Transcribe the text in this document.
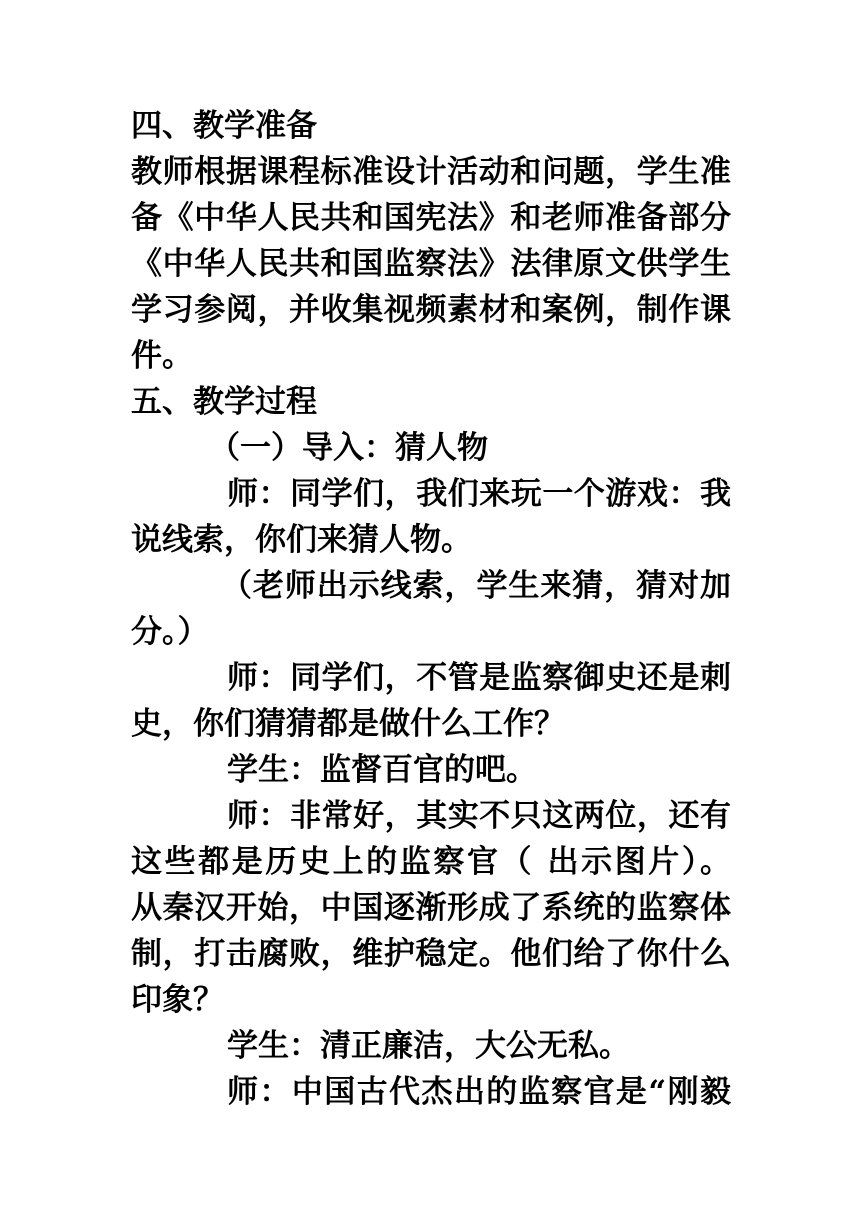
四、教学准备
教师根据课程标准设计活动和问题，学生准
备《中华人民共和国宪法》和老师准备部分
《中华人民共和国监察法》法律原文供学生
学习参阅，并收集视频素材和案例，制作课
件。
五、教学过程
（一）导入：猜人物
师：同学们，我们来玩一个游戏：我
说线索，你们来猜人物。
（老师出示线索，学生来猜，猜对加
分。）
师：同学们，不管是监察御史还是刺
史，你们猜猜都是做什么工作？
学生：监督百官的吧。
师：非常好，其实不只这两位，还有
这些都是历史上的监察官（ 出示图片）。
从秦汉开始，中国逐渐形成了系统的监察体
制，打击腐败，维护稳定。他们给了你什么
印象？
学生：清正廉洁，大公无私。
师：中国古代杰出的监察官是“刚毅
